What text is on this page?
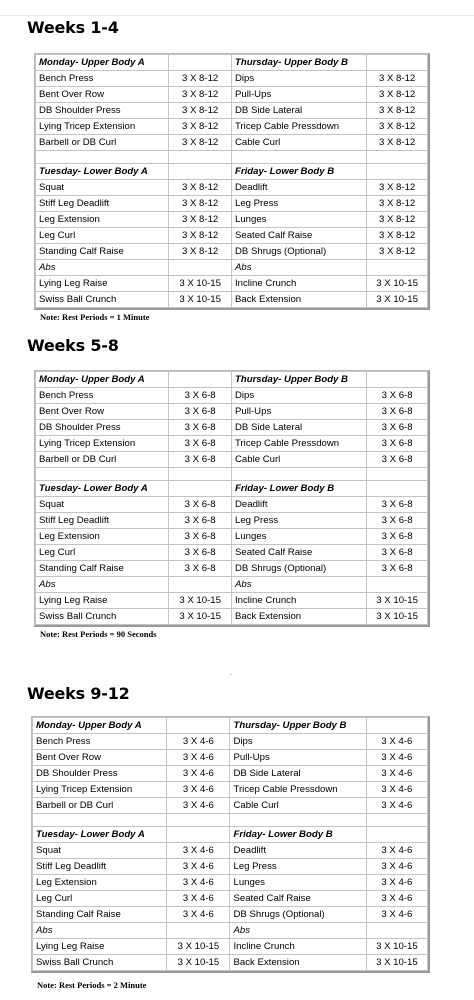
Weeks 1-4
Monday- Upper Body A		Thursday- Upper Body B	
Bench Press	3 X 8-12	Dips	3 X 8-12
Bent Over Row	3 X 8-12	Pull-Ups	3 X 8-12
DB Shoulder Press	3 X 8-12	DB Side Lateral	3 X 8-12
Lying Tricep Extension	3 X 8-12	Tricep Cable Pressdown	3 X 8-12
Barbell or DB Curl	3 X 8-12	Cable Curl	3 X 8-12

Tuesday- Lower Body A		Friday- Lower Body B	
Squat	3 X 8-12	Deadlift	3 X 8-12
Stiff Leg Deadlift	3 X 8-12	Leg Press	3 X 8-12
Leg Extension	3 X 8-12	Lunges	3 X 8-12
Leg Curl	3 X 8-12	Seated Calf Raise	3 X 8-12
Standing Calf Raise	3 X 8-12	DB Shrugs (Optional)	3 X 8-12
Abs		Abs	
Lying Leg Raise	3 X 10-15	Incline Crunch	3 X 10-15
Swiss Ball Crunch	3 X 10-15	Back Extension	3 X 10-15
Note: Rest Periods = 1 Minute
Weeks 5-8
Monday- Upper Body A		Thursday- Upper Body B	
Bench Press	3 X 6-8	Dips	3 X 6-8
Bent Over Row	3 X 6-8	Pull-Ups	3 X 6-8
DB Shoulder Press	3 X 6-8	DB Side Lateral	3 X 6-8
Lying Tricep Extension	3 X 6-8	Tricep Cable Pressdown	3 X 6-8
Barbell or DB Curl	3 X 6-8	Cable Curl	3 X 6-8

Tuesday- Lower Body A		Friday- Lower Body B	
Squat	3 X 6-8	Deadlift	3 X 6-8
Stiff Leg Deadlift	3 X 6-8	Leg Press	3 X 6-8
Leg Extension	3 X 6-8	Lunges	3 X 6-8
Leg Curl	3 X 6-8	Seated Calf Raise	3 X 6-8
Standing Calf Raise	3 X 6-8	DB Shrugs (Optional)	3 X 6-8
Abs		Abs	
Lying Leg Raise	3 X 10-15	Incline Crunch	3 X 10-15
Swiss Ball Crunch	3 X 10-15	Back Extension	3 X 10-15
Note: Rest Periods = 90 Seconds
.
Weeks 9-12
Monday- Upper Body A		Thursday- Upper Body B	
Bench Press	3 X 4-6	Dips	3 X 4-6
Bent Over Row	3 X 4-6	Pull-Ups	3 X 4-6
DB Shoulder Press	3 X 4-6	DB Side Lateral	3 X 4-6
Lying Tricep Extension	3 X 4-6	Tricep Cable Pressdown	3 X 4-6
Barbell or DB Curl	3 X 4-6	Cable Curl	3 X 4-6

Tuesday- Lower Body A		Friday- Lower Body B	
Squat	3 X 4-6	Deadlift	3 X 4-6
Stiff Leg Deadlift	3 X 4-6	Leg Press	3 X 4-6
Leg Extension	3 X 4-6	Lunges	3 X 4-6
Leg Curl	3 X 4-6	Seated Calf Raise	3 X 4-6
Standing Calf Raise	3 X 4-6	DB Shrugs (Optional)	3 X 4-6
Abs		Abs	
Lying Leg Raise	3 X 10-15	Incline Crunch	3 X 10-15
Swiss Ball Crunch	3 X 10-15	Back Extension	3 X 10-15
Note: Rest Periods = 2 Minute
